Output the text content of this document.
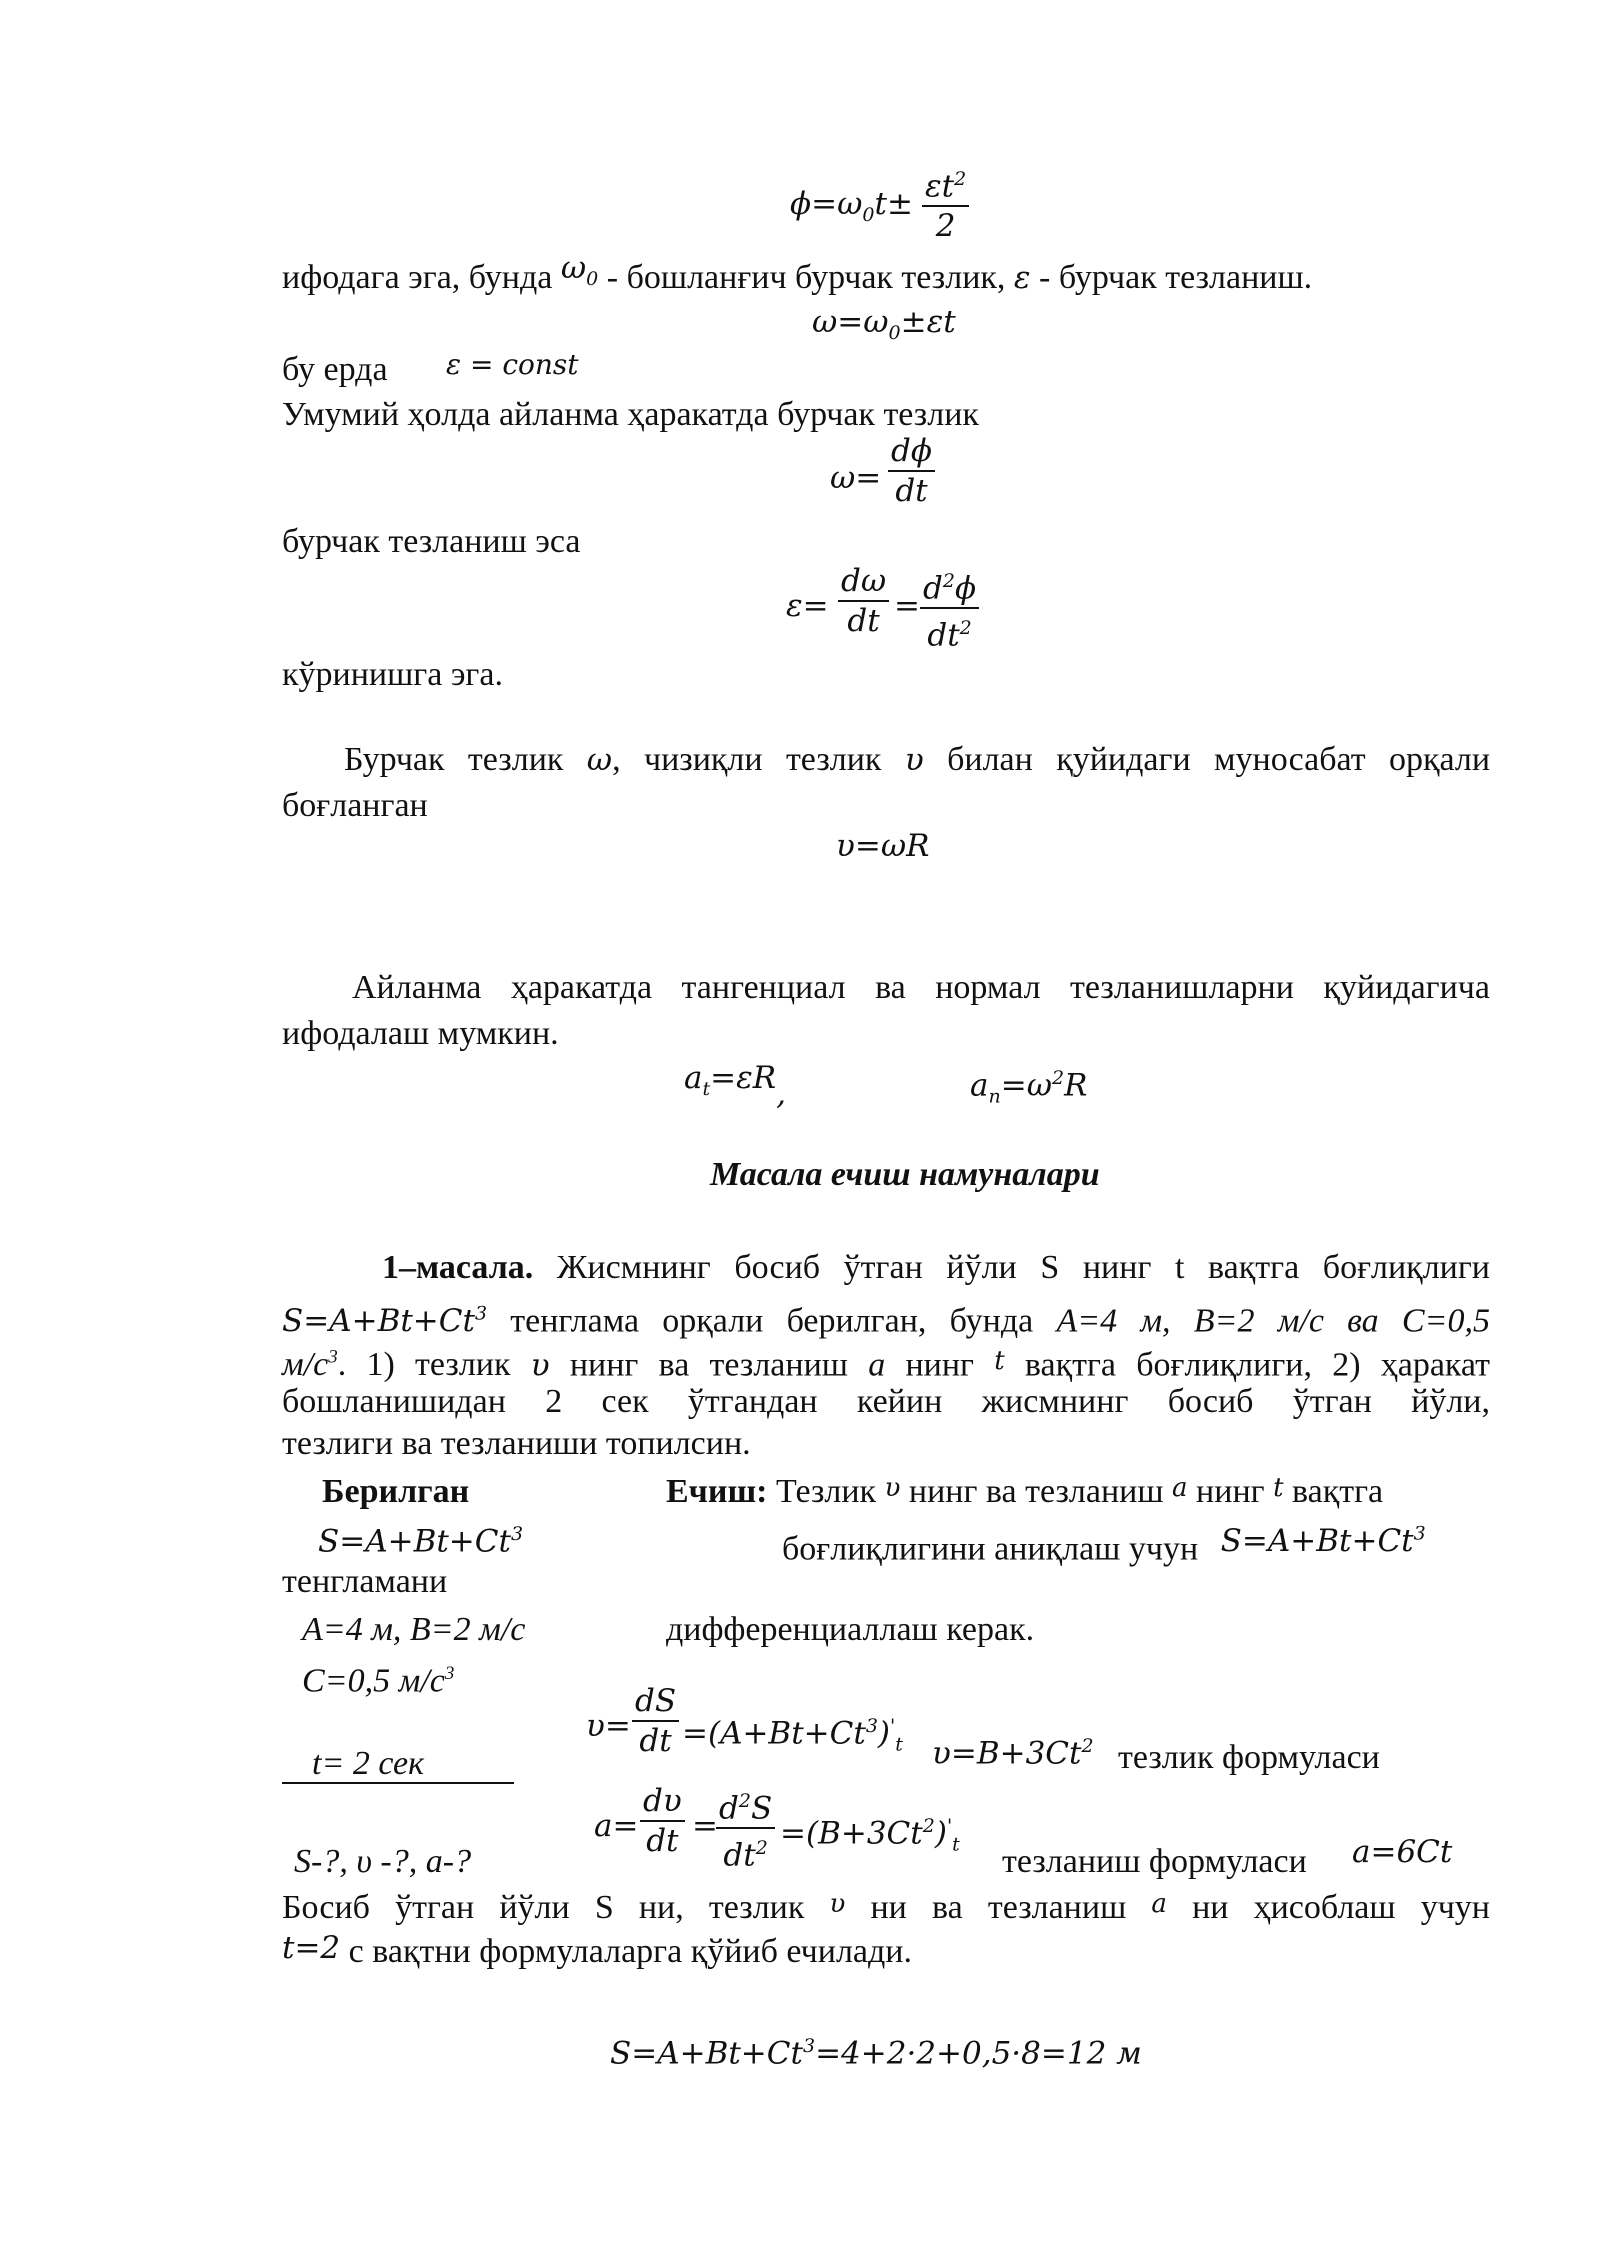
$\phi=\omega_0t\pm \frac{\varepsilon t^2}{2}$
ифодага эга, бунда $\omega_0$ - бошланғич бурчак тезлик, ε - бурчак тезланиш.
$\omega=\omega_0\pm\varepsilon t$
бу ерда ε = const
Умумий ҳолда айланма ҳаракатда бурчак тезлик
$\omega= \frac{d\phi}{dt}$
бурчак тезланиш эса
$\varepsilon= \frac{d\omega}{dt} = \frac{d^2\phi}{dt^2}$
кўринишга эга.
Бурчак тезлик ω, чизиқли тезлик υ билан қуйидаги муносабат орқали
боғланган
υ=ωR
Айланма ҳаракатда тангенциал ва нормал тезланишларни қуйидагича
ифодалаш мумкин.
$a_t=\varepsilon R$,	$a_n=\omega^2R$
Масала ечиш намуналари
1–масала. Жисмнинг босиб ўтган йўли S нинг t вақтга боғлиқлиги
$S=A+Bt+Ct^3$ тенглама орқали берилган, бунда A=4 м, B=2 м/с ва C=0,5
$м/с^3$. 1) тезлик υ нинг ва тезланиш a нинг t вақтга боғлиқлиги, 2) ҳаракат
бошланишидан 2 сек ўтгандан кейин жисмнинг босиб ўтган йўли,
тезлиги ва тезланиши топилсин.
Берилган
$S=A+Bt+Ct^3$
тенгламани
A=4 м, B=2 м/с
C=0,5 $м/с^3$
t= 2 сек
S-?, υ -?, a-?
Ечиш: Тезлик υ нинг ва тезланиш a нинг t вақтга
боғлиқлигини аниқлаш учун $S=A+Bt+Ct^3$
дифференциаллаш керак.
$\upsilon= \frac{dS}{dt} =(A+Bt+Ct^3)'_t$ $\upsilon=B+3Ct^2$ тезлик формуласи
$a= \frac{d\upsilon}{dt}$ =
$\frac{d^2S}{dt^2} =(B+3Ct^2)'_t$ тезланиш формуласи a=6Ct
Босиб ўтган йўли S ни, тезлик υ ни ва тезланиш a ни ҳисоблаш учун
t=2 с вақтни формулаларга қўйиб ечилади.
$S=A+Bt+Ct^3=4+2\cdot 2+0,5\cdot 8=12$ м
